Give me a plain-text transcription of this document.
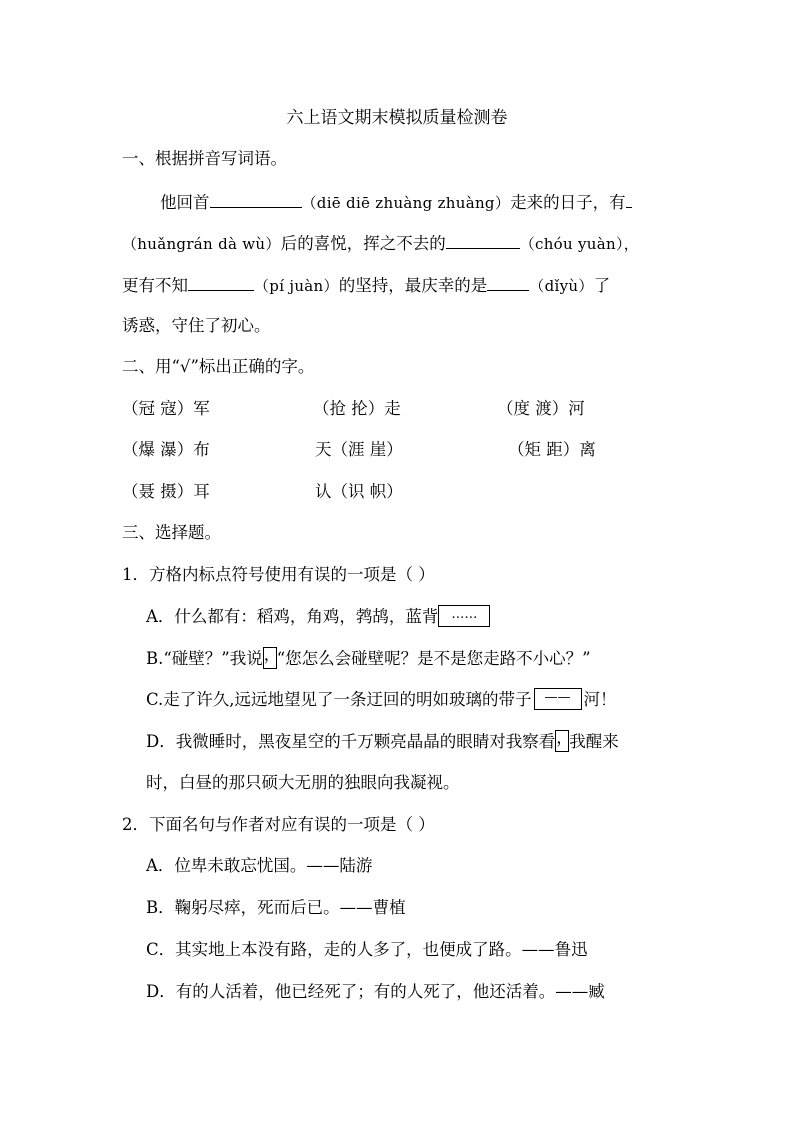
六上语文期末模拟质量检测卷
一、根据拼音写词语。
他回首	（diē diē zhuàng zhuàng）走来的日子，有
（huǎngrán dà wù）后的喜悦，挥之不去的	（chóu yuàn），
更有不知	（pí juàn）的坚持，最庆幸的是	（dǐyù）了
诱惑，守住了初心。
二、用“√”标出正确的字。
（冠 寇）军	（抢 抡）走	（度 渡）河
（爆 瀑）布	天（涯 崖）	（矩 距）离
（聂 摄）耳	认（识 帜）
三、选择题。
1．方格内标点符号使用有误的一项是（ ）
A．什么都有：稻鸡，角鸡，鹁鸪，蓝背 ……
B.“碰壁？”我说，“您怎么会碰壁呢？是不是您走路不小心？”
C.走了许久,远远地望见了一条迂回的明如玻璃的带子 —— 河！
D．我微睡时，黑夜星空的千万颗亮晶晶的眼睛对我察看，我醒来
时，白昼的那只硕大无朋的独眼向我凝视。
2．下面名句与作者对应有误的一项是（ ）
A．位卑未敢忘忧国。——陆游
B．鞠躬尽瘁，死而后已。——曹植
C．其实地上本没有路，走的人多了，也便成了路。——鲁迅
D．有的人活着，他已经死了；有的人死了，他还活着。——臧
